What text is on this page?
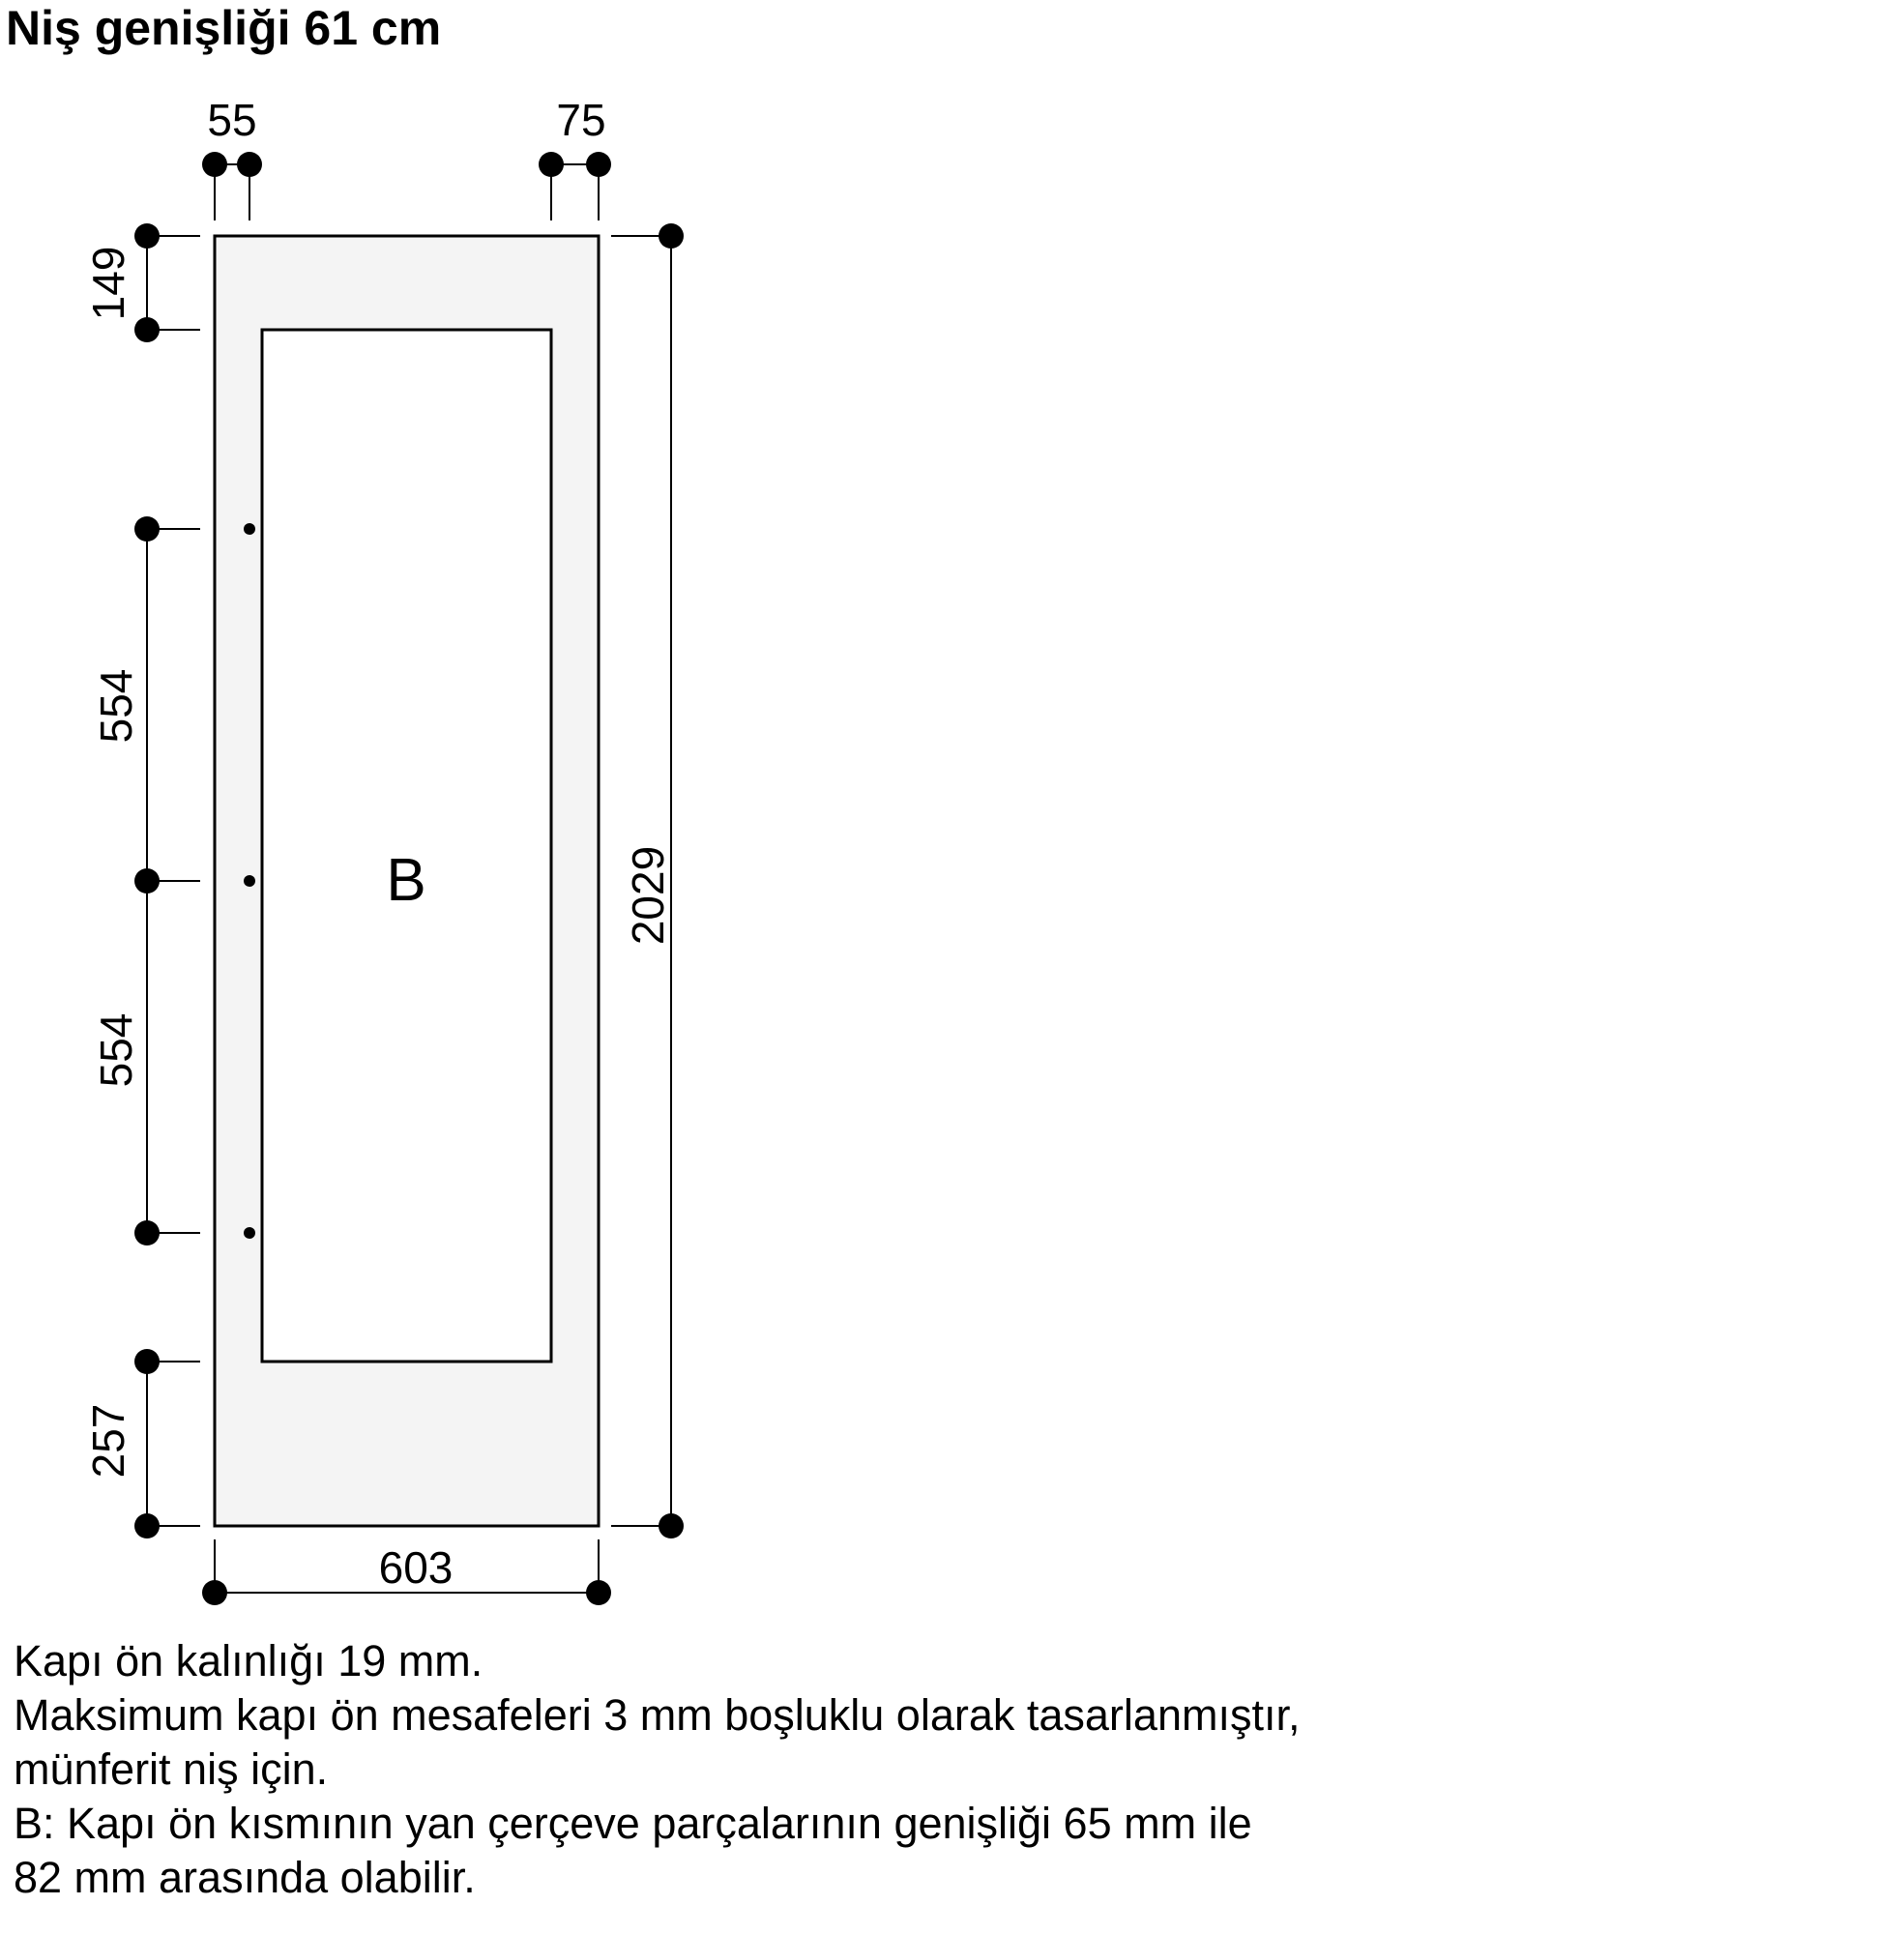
Niş genişliği 61 cm
B
55	75
149
554
554
257
2029
603
Kapı ön kalınlığı 19 mm.
Maksimum kapı ön mesafeleri 3 mm boşluklu olarak tasarlanmıştır,
münferit niş için.
B: Kapı ön kısmının yan çerçeve parçalarının genişliği 65 mm ile
82 mm arasında olabilir.
